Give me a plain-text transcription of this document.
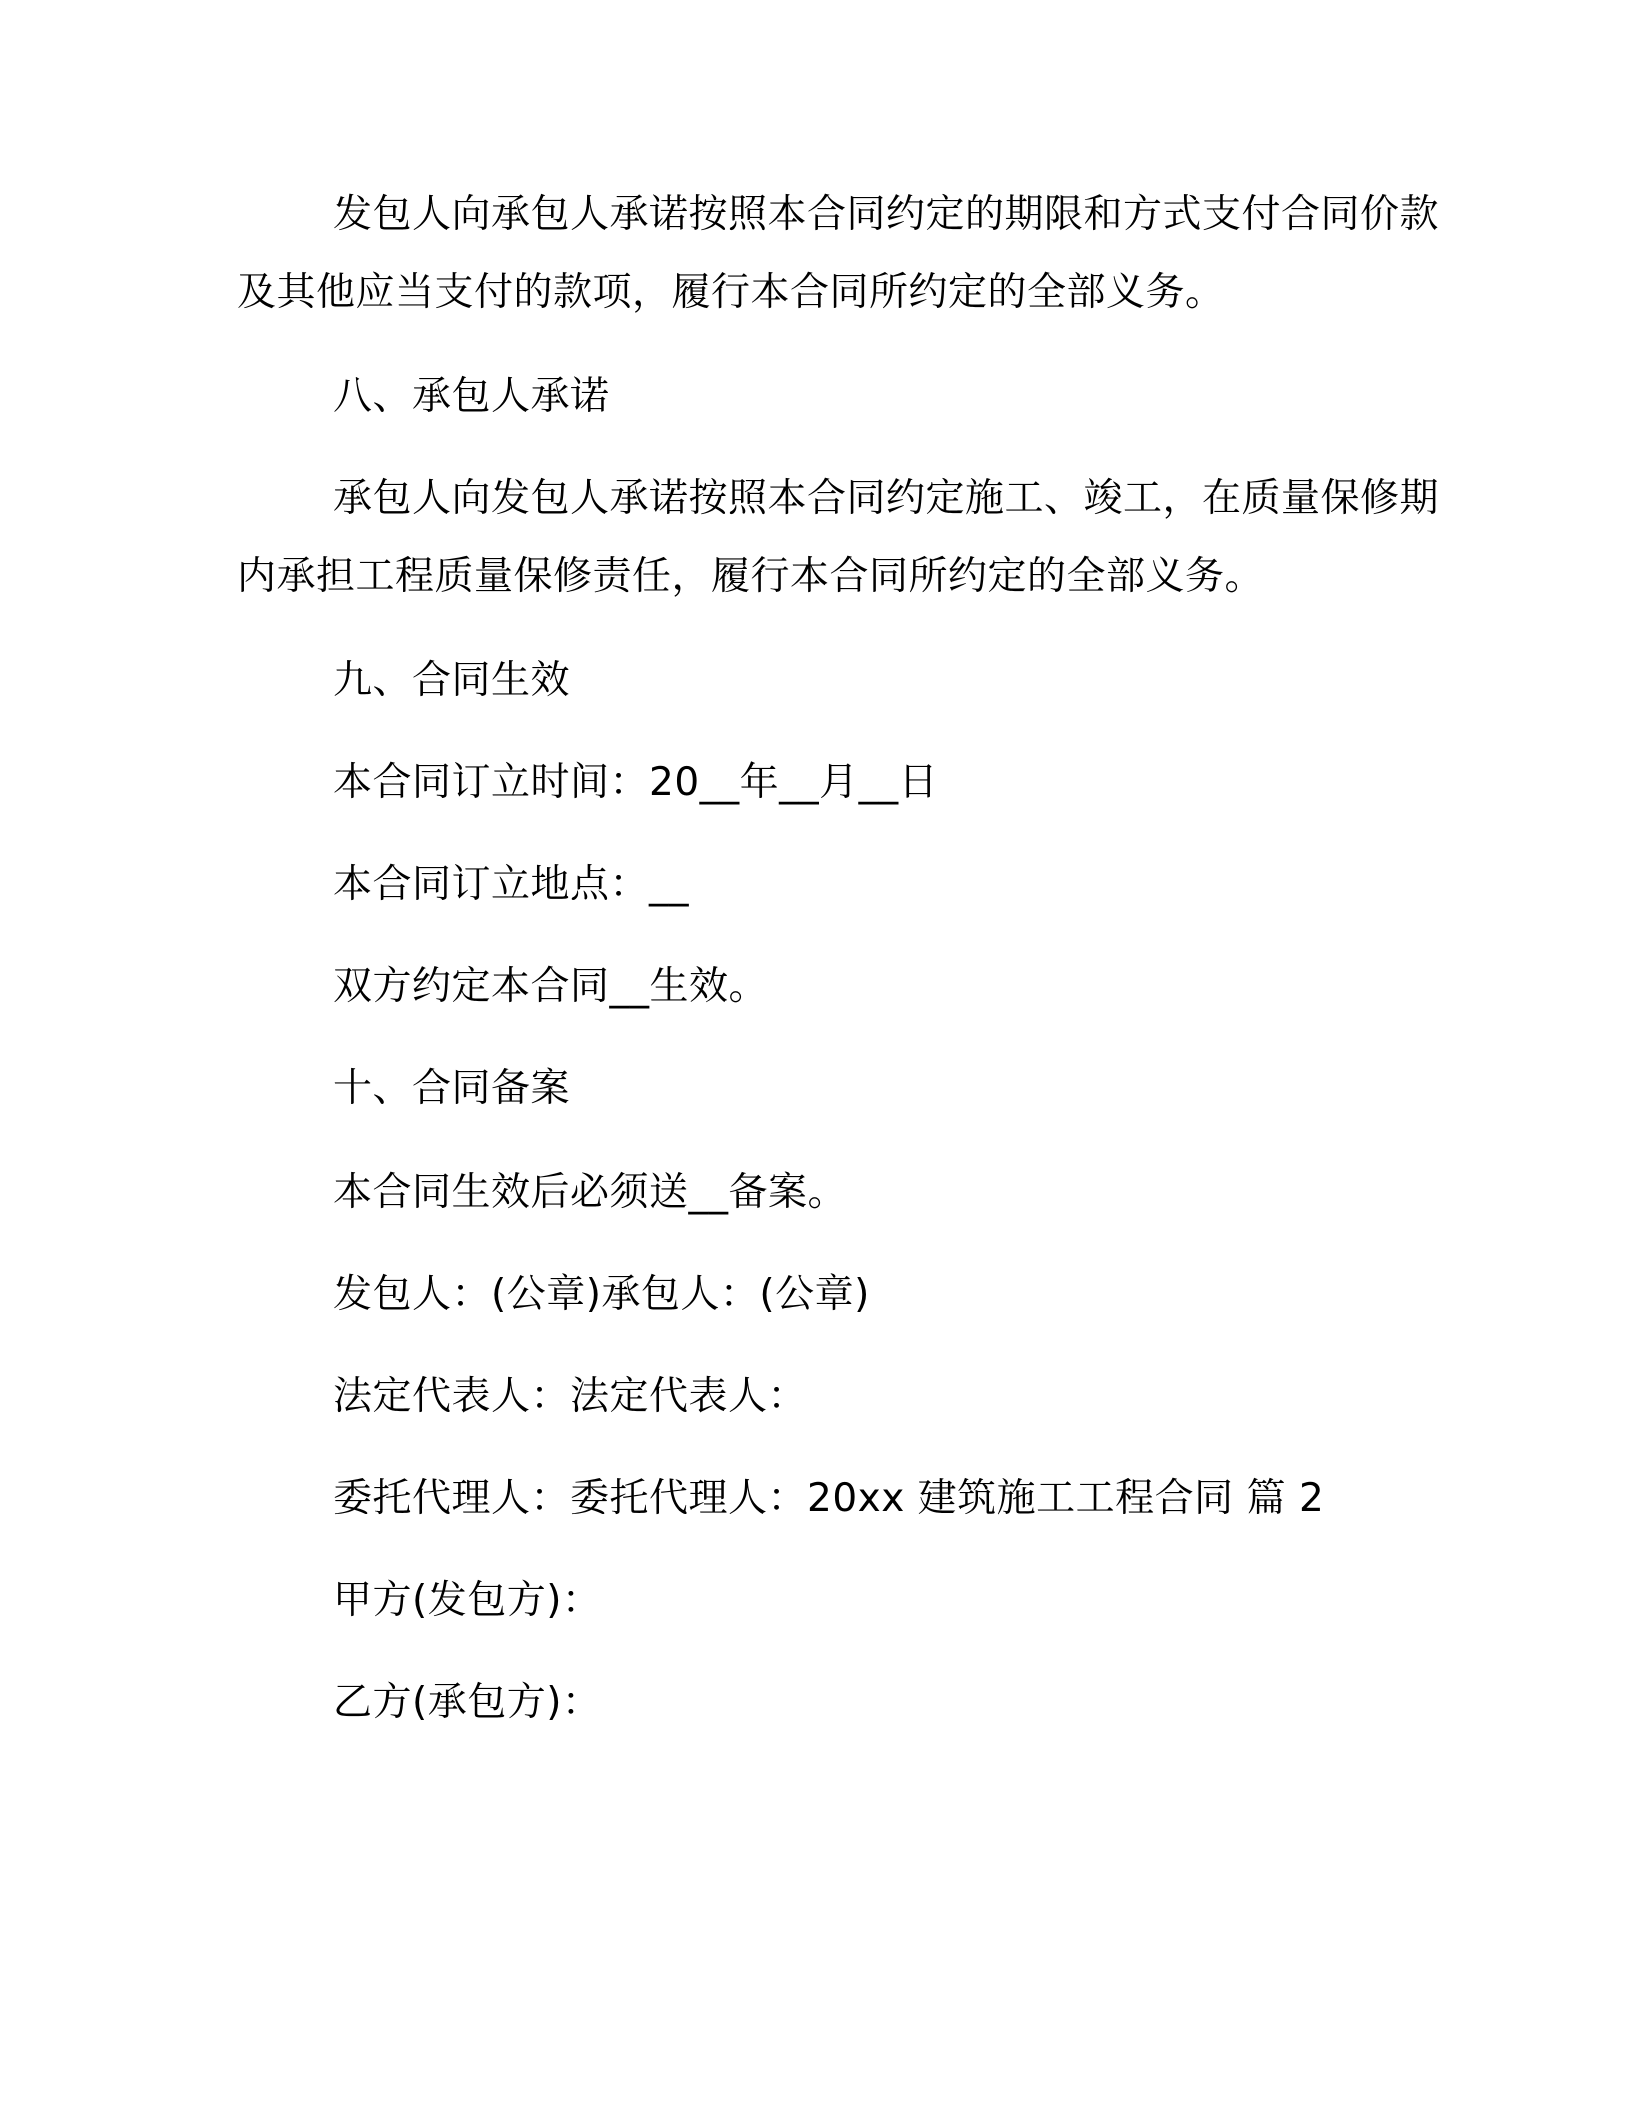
发包人向承包人承诺按照本合同约定的期限和方式支付合同价款
及其他应当支付的款项，履行本合同所约定的全部义务。
八、承包人承诺
承包人向发包人承诺按照本合同约定施工、竣工，在质量保修期
内承担工程质量保修责任，履行本合同所约定的全部义务。
九、合同生效
本合同订立时间：20__年__月__日
本合同订立地点：__
双方约定本合同__生效。
十、合同备案
本合同生效后必须送__备案。
发包人：(公章)承包人：(公章)
法定代表人：法定代表人：
委托代理人：委托代理人：20xx 建筑施工工程合同 篇 2
甲方(发包方)：
乙方(承包方)：
